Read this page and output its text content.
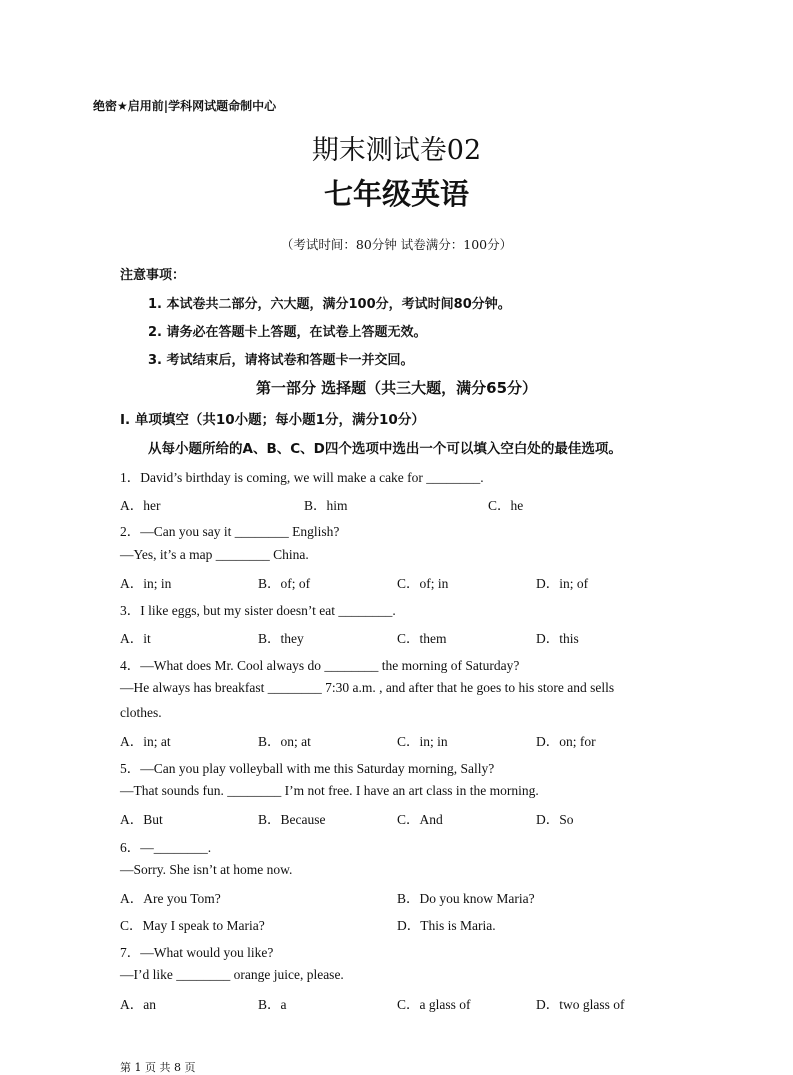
绝密★启用前|学科网试题命制中心
期末测试卷02
七年级英语
（考试时间：80分钟 试卷满分：100分）
注意事项：
1. 本试卷共二部分，六大题，满分100分，考试时间80分钟。
2. 请务必在答题卡上答题，在试卷上答题无效。
3. 考试结束后，请将试卷和答题卡一并交回。
第一部分 选择题（共三大题，满分65分）
I. 单项填空（共10小题；每小题1分，满分10分）
从每小题所给的A、B、C、D四个选项中选出一个可以填入空白处的最佳选项。
1．David’s birthday is coming, we will make a cake for ________.
A．her	B．him	C．he
2．—Can you say it ________ English?
—Yes, it’s a map ________ China.
A．in; in	B．of; of	C．of; in	D．in; of
3．I like eggs, but my sister doesn’t eat ________.
A．it	B．they	C．them	D．this
4．—What does Mr. Cool always do ________ the morning of Saturday?
—He always has breakfast ________ 7:30 a.m. , and after that he goes to his store and sells
clothes.
A．in; at	B．on; at	C．in; in	D．on; for
5．—Can you play volleyball with me this Saturday morning, Sally?
—That sounds fun. ________ I’m not free. I have an art class in the morning.
A．But	B．Because	C．And	D．So
6．—________.
—Sorry. She isn’t at home now.
A．Are you Tom?	B．Do you know Maria?
C．May I speak to Maria?	D．This is Maria.
7．—What would you like?
—I’d like ________ orange juice, please.
A．an	B．a	C．a glass of	D．two glass of
第 1 页 共 8 页
